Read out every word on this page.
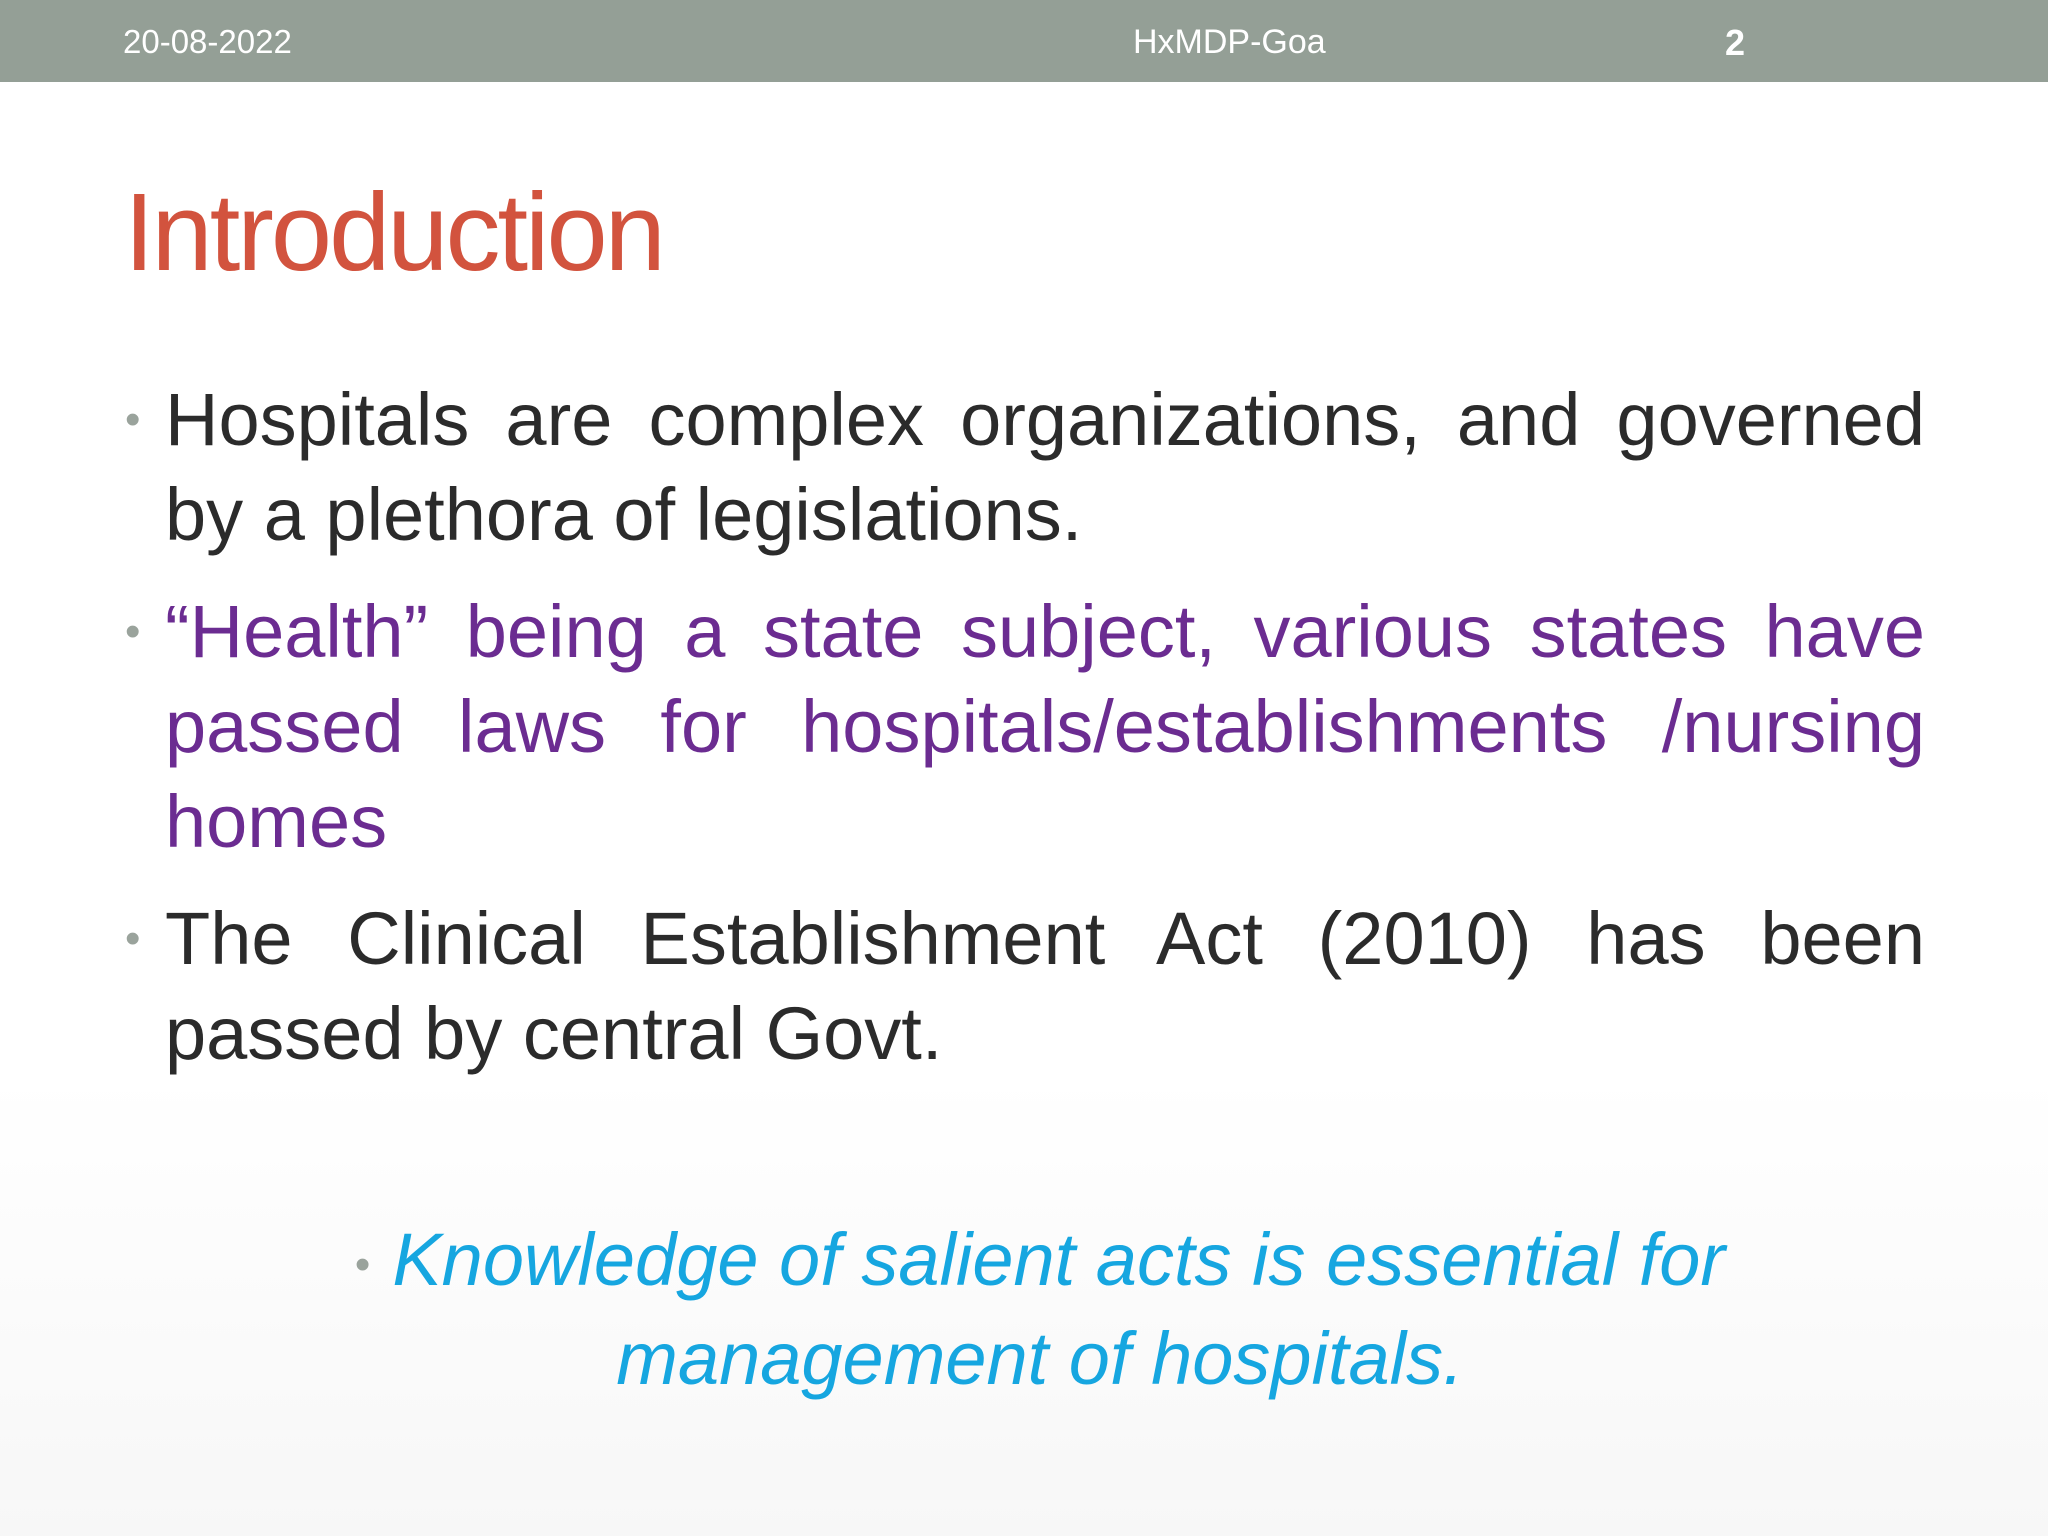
20-08-2022	HxMDP-Goa	2
Introduction
• Hospitals are complex organizations, and governed by a plethora of legislations.
• “Health” being a state subject, various states have passed laws for hospitals/establishments /nursing homes
• The Clinical Establishment Act (2010) has been passed by central Govt.
• Knowledge of salient acts is essential for management of hospitals.
